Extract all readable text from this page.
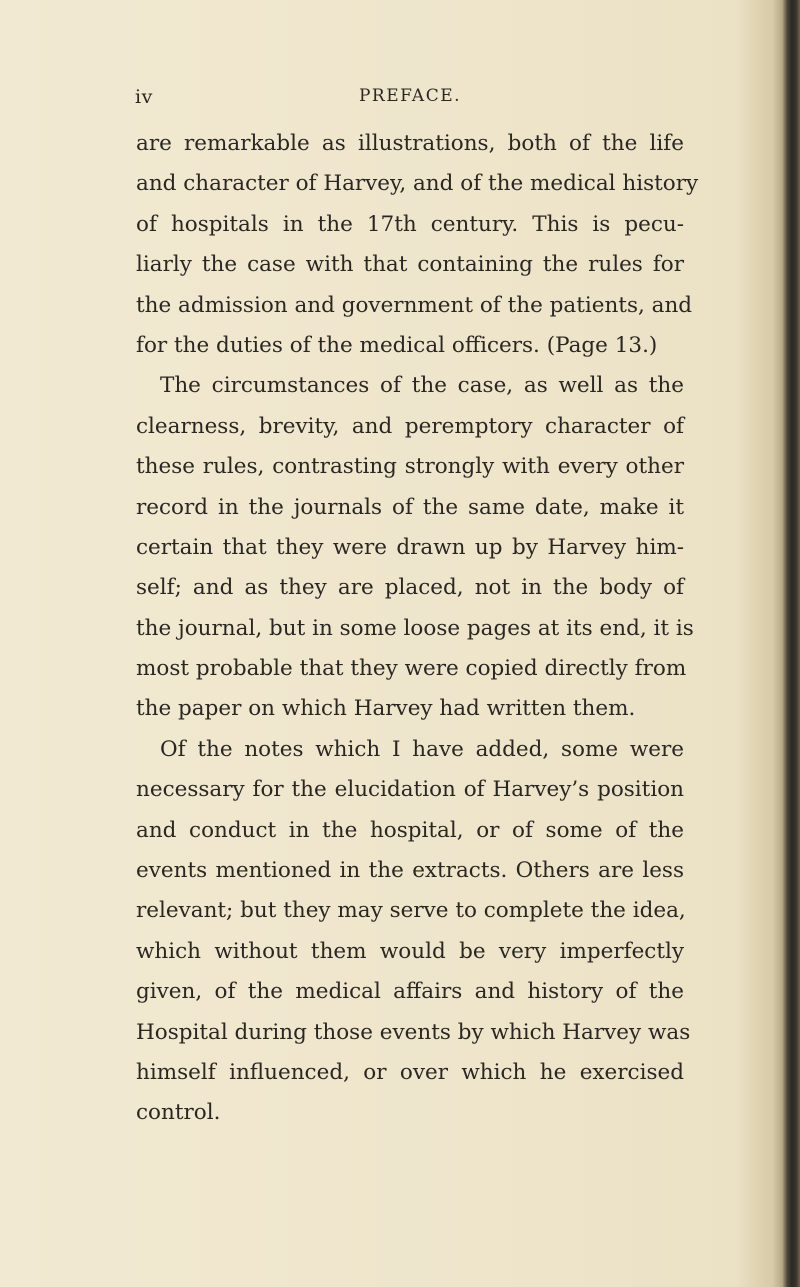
iv	PREFACE.
are remarkable as illustrations, both of the life
and character of Harvey, and of the medical history
of hospitals in the 17th century. This is pecu-
liarly the case with that containing the rules for
the admission and government of the patients, and
for the duties of the medical officers. (Page 13.)
The circumstances of the case, as well as the
clearness, brevity, and peremptory character of
these rules, contrasting strongly with every other
record in the journals of the same date, make it
certain that they were drawn up by Harvey him-
self; and as they are placed, not in the body of
the journal, but in some loose pages at its end, it is
most probable that they were copied directly from
the paper on which Harvey had written them.
Of the notes which I have added, some were
necessary for the elucidation of Harvey’s position
and conduct in the hospital, or of some of the
events mentioned in the extracts. Others are less
relevant; but they may serve to complete the idea,
which without them would be very imperfectly
given, of the medical affairs and history of the
Hospital during those events by which Harvey was
himself influenced, or over which he exercised
control.
